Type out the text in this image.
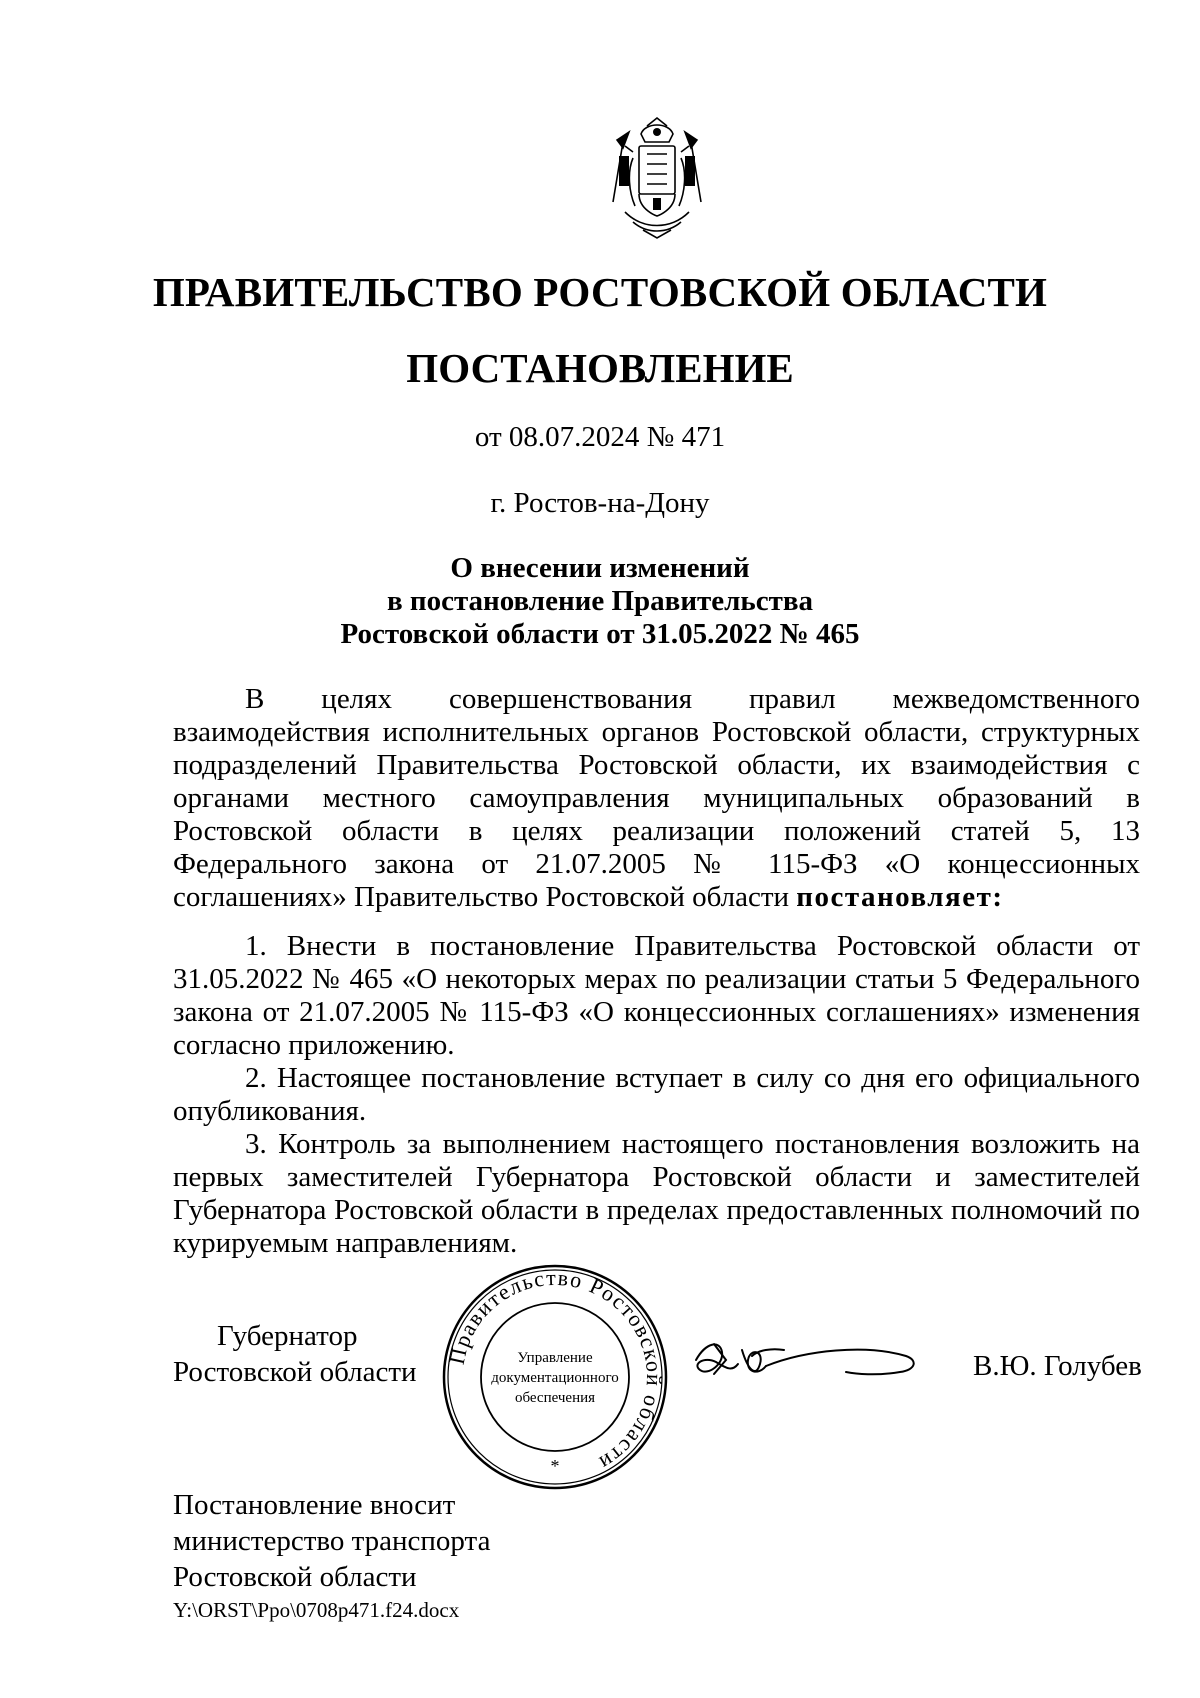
ПРАВИТЕЛЬСТВО РОСТОВСКОЙ ОБЛАСТИ
ПОСТАНОВЛЕНИЕ

от 08.07.2024 № 471

г. Ростов-на-Дону

О внесении изменений
в постановление Правительства
Ростовской области от 31.05.2022 № 465

В целях совершенствования правил межведомственного взаимодействия исполнительных органов Ростовской области, структурных подразделений Правительства Ростовской области, их взаимодействия с органами местного самоуправления муниципальных образований в Ростовской области в целях реализации положений статей 5, 13 Федерального закона от 21.07.2005 № 115-ФЗ «О концессионных соглашениях» Правительство Ростовской области постановляет:

1. Внести в постановление Правительства Ростовской области от 31.05.2022 № 465 «О некоторых мерах по реализации статьи 5 Федерального закона от 21.07.2005 № 115-ФЗ «О концессионных соглашениях» изменения согласно приложению.

2. Настоящее постановление вступает в силу со дня его официального опубликования.

3. Контроль за выполнением настоящего постановления возложить на первых заместителей Губернатора Ростовской области и заместителей Губернатора Ростовской области в пределах предоставленных полномочий по курируемым направлениям.

Губернатор
Ростовской области
Правительство Ростовской области
Управление
документационного
обеспечения
*
В.Ю. Голубев
Постановление вносит
министерство транспорта
Ростовской области
Y:\ORST\Ppo\0708p471.f24.docx
